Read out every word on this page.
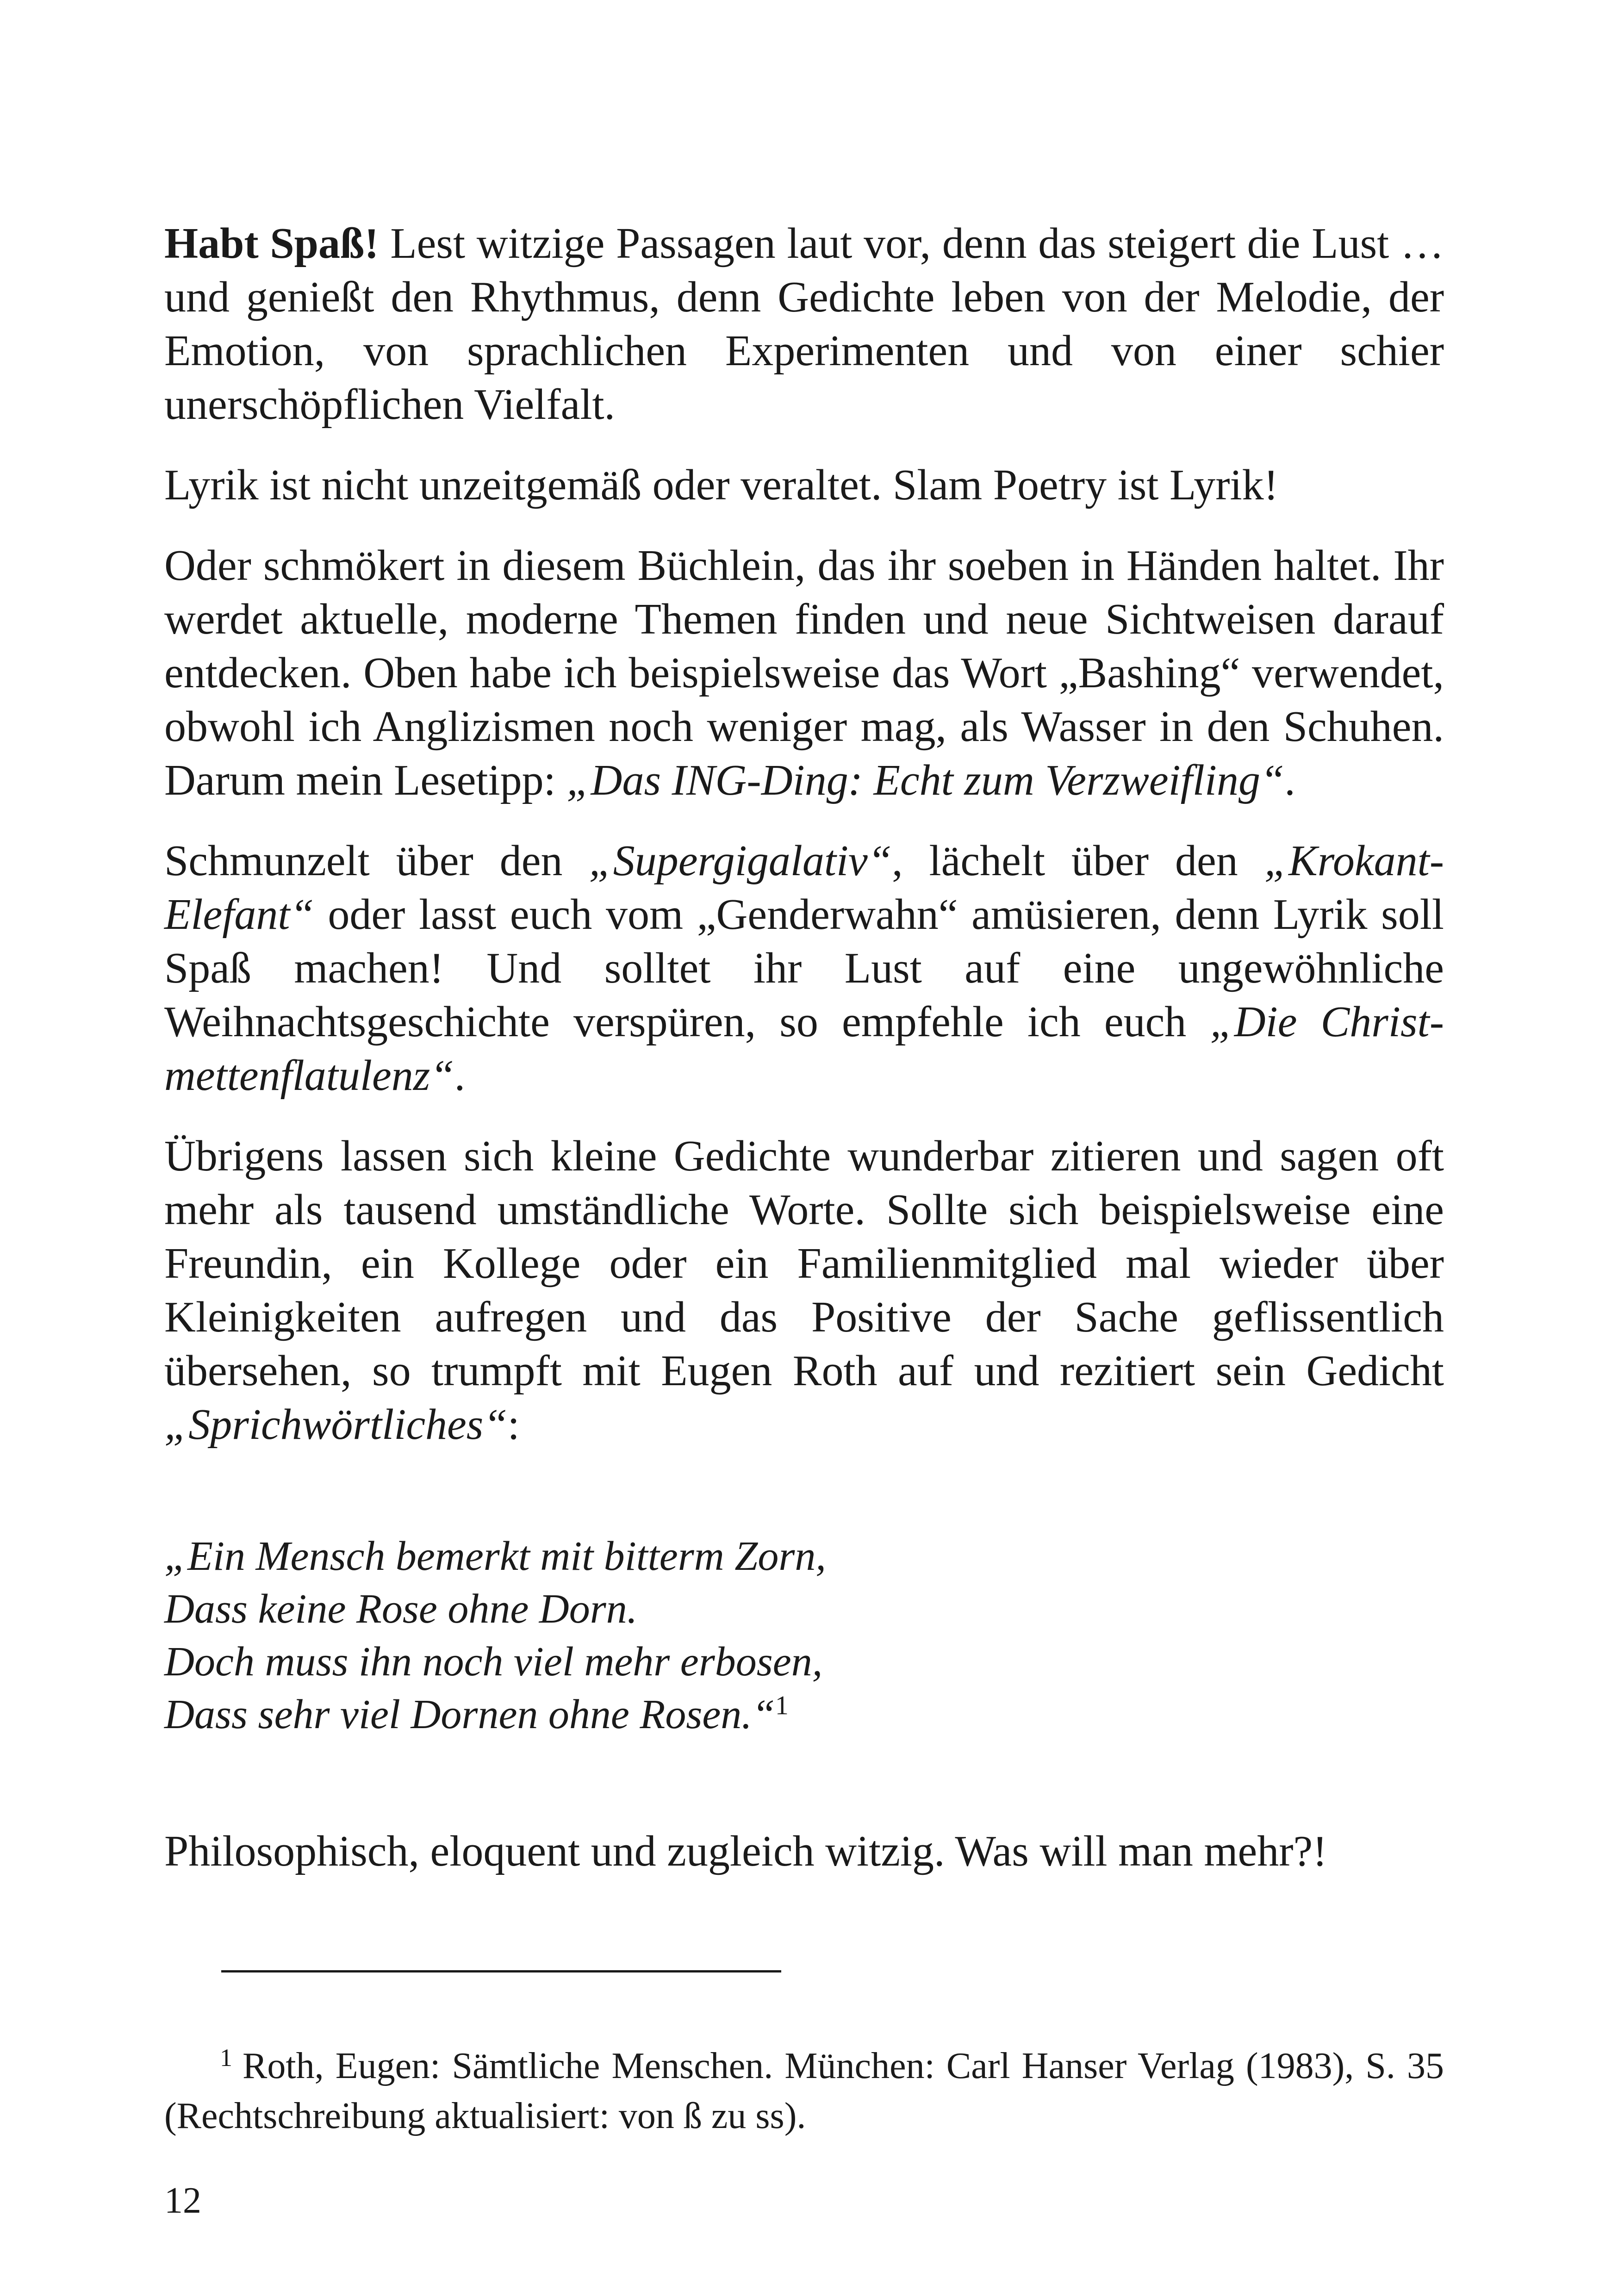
Habt Spaß! Lest witzige Passagen laut vor, denn das steigert die Lust … und genießt den Rhythmus, denn Gedichte leben von der Melodie, der Emotion, von sprachlichen Experimenten und von einer schier unerschöpflichen Vielfalt.

Lyrik ist nicht unzeitgemäß oder veraltet. Slam Poetry ist Lyrik!

Oder schmökert in diesem Büchlein, das ihr soeben in Händen haltet. Ihr werdet aktuelle, moderne Themen finden und neue Sichtweisen darauf entdecken. Oben habe ich beispielsweise das Wort „Bashing“ verwendet, obwohl ich Anglizismen noch weniger mag, als Wasser in den Schuhen. Darum mein Lesetipp: „Das ING-Ding: Echt zum Verzweifling“.

Schmunzelt über den „Supergigalativ“, lächelt über den „Krokant-Elefant“ oder lasst euch vom „Genderwahn“ amüsieren, denn Lyrik soll Spaß machen! Und solltet ihr Lust auf eine ungewöhnliche Weihnachtsgeschichte verspüren, so empfehle ich euch „Die Christmettenflatulenz“.

Übrigens lassen sich kleine Gedichte wunderbar zitieren und sagen oft mehr als tausend umständliche Worte. Sollte sich beispielsweise eine Freundin, ein Kollege oder ein Familienmitglied mal wieder über Kleinigkeiten aufregen und das Positive der Sache geflissentlich übersehen, so trumpft mit Eugen Roth auf und rezitiert sein Gedicht „Sprichwörtliches“:

„Ein Mensch bemerkt mit bitterm Zorn,
Dass keine Rose ohne Dorn.
Doch muss ihn noch viel mehr erbosen,
Dass sehr viel Dornen ohne Rosen.“$^1$

Philosophisch, eloquent und zugleich witzig. Was will man mehr?!

$^1$ Roth, Eugen: Sämtliche Menschen. München: Carl Hanser Verlag (1983), S. 35 (Rechtschreibung aktualisiert: von ß zu ss).

12
